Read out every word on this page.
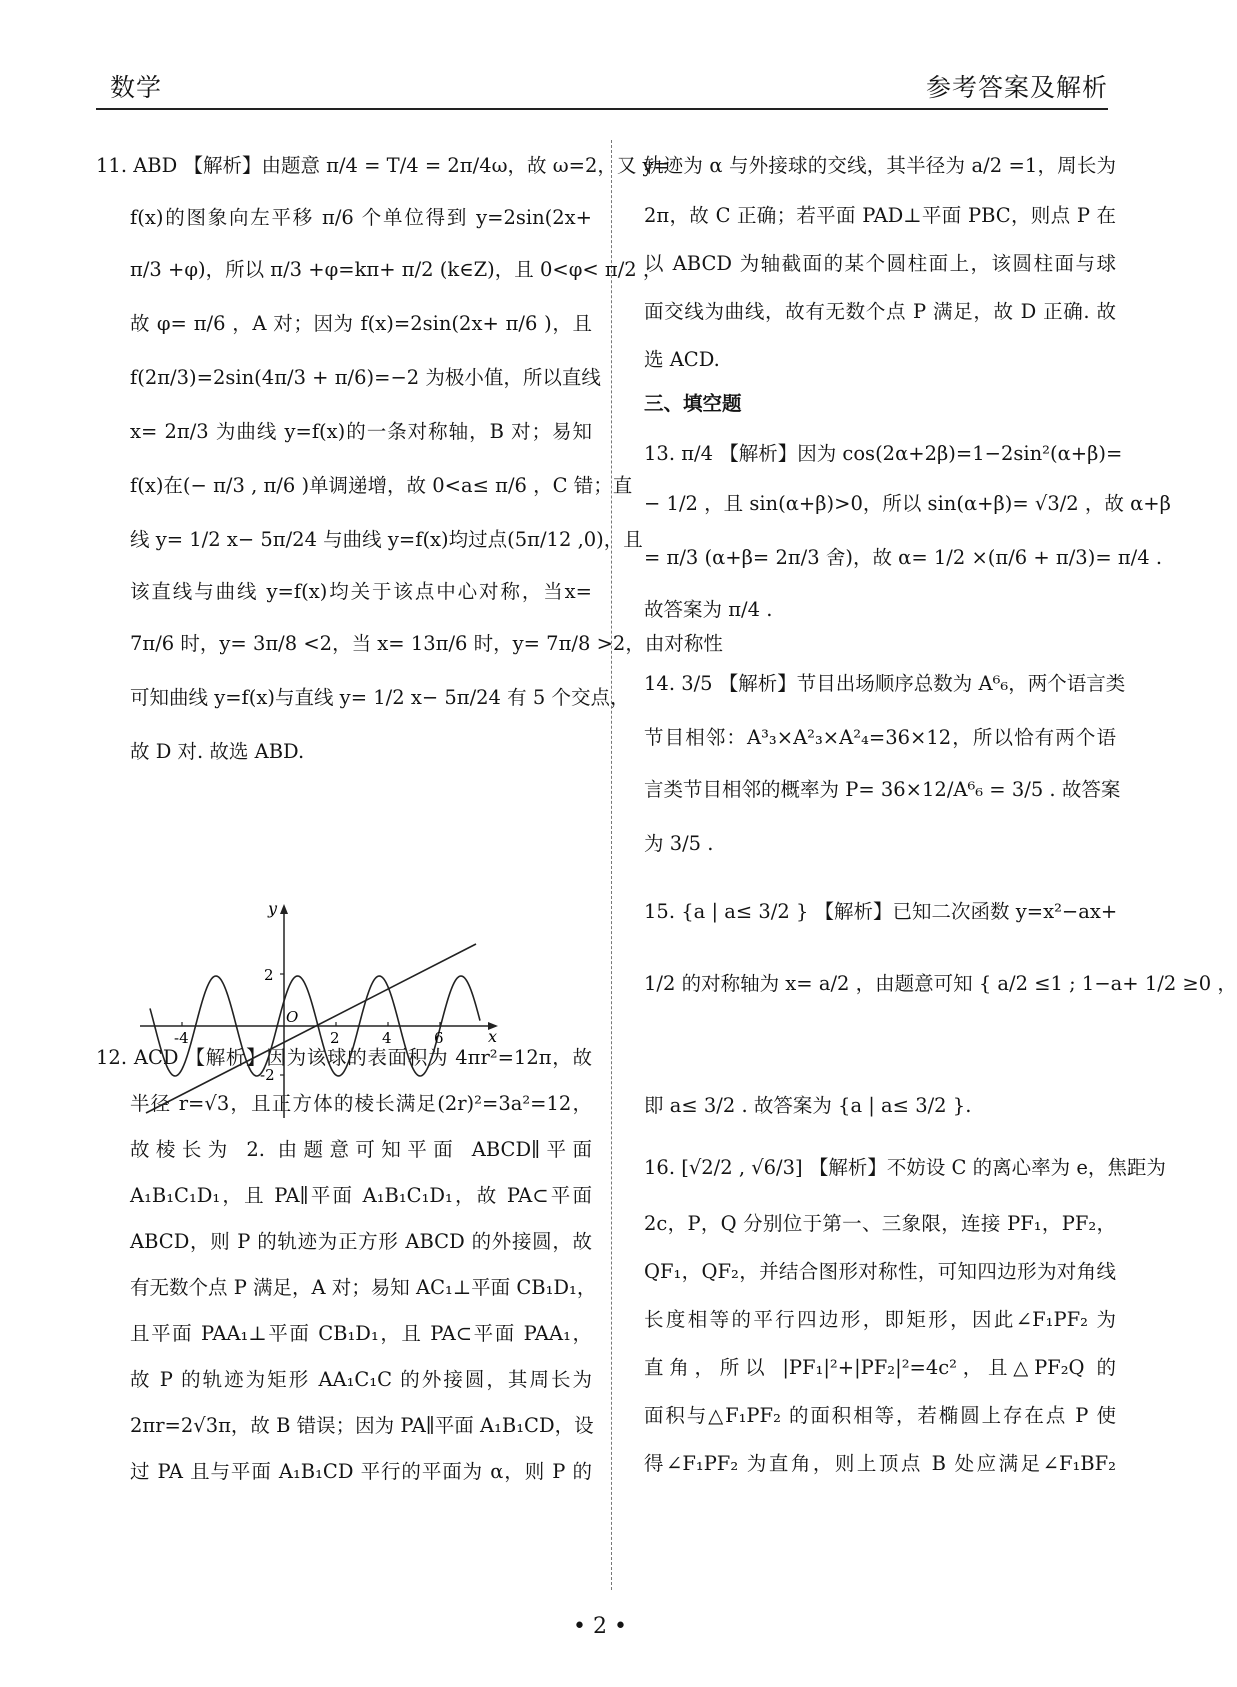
数学	参考答案及解析
11. ABD 【解析】由题意 π/4 = T/4 = 2π/4ω，故 ω=2，又 y=
f(x)的图象向左平移 π/6 个单位得到 y=2sin(2x+
π/3 +φ)，所以 π/3 +φ=kπ+ π/2 (k∈Z)，且 0<φ< π/2 ，
故 φ= π/6 ，A 对；因为 f(x)=2sin(2x+ π/6 )，且
f(2π/3)=2sin(4π/3 + π/6)=−2 为极小值，所以直线
x= 2π/3 为曲线 y=f(x)的一条对称轴，B 对；易知
f(x)在(− π/3 , π/6 )单调递增，故 0<a≤ π/6 ，C 错；直
线 y= 1/2 x− 5π/24 与曲线 y=f(x)均过点(5π/12 ,0)，且
该直线与曲线 y=f(x)均关于该点中心对称，当x=
7π/6 时，y= 3π/8 <2，当 x= 13π/6 时，y= 7π/8 >2，由对称性
可知曲线 y=f(x)与直线 y= 1/2 x− 5π/24 有 5 个交点，
故 D 对. 故选 ABD.
12. ACD 【解析】因为该球的表面积为 4πr²=12π，故
半径 r=√3，且正方体的棱长满足(2r)²=3a²=12，
故棱长为 2. 由题意可知平面 ABCD∥平面
A₁B₁C₁D₁，且 PA∥平面 A₁B₁C₁D₁，故 PA⊂平面
ABCD，则 P 的轨迹为正方形 ABCD 的外接圆，故
有无数个点 P 满足，A 对；易知 AC₁⊥平面 CB₁D₁，
且平面 PAA₁⊥平面 CB₁D₁，且 PA⊂平面 PAA₁，
故 P 的轨迹为矩形 AA₁C₁C 的外接圆，其周长为
2πr=2√3π，故 B 错误；因为 PA∥平面 A₁B₁CD，设
过 PA 且与平面 A₁B₁CD 平行的平面为 α，则 P 的
轨迹为 α 与外接球的交线，其半径为 a/2 =1，周长为
2π，故 C 正确；若平面 PAD⊥平面 PBC，则点 P 在
以 ABCD 为轴截面的某个圆柱面上，该圆柱面与球
面交线为曲线，故有无数个点 P 满足，故 D 正确. 故
选 ACD.
三、填空题
13. π/4 【解析】因为 cos(2α+2β)=1−2sin²(α+β)=
− 1/2 ，且 sin(α+β)>0，所以 sin(α+β)= √3/2 ，故 α+β
= π/3 (α+β= 2π/3 舍)，故 α= 1/2 ×(π/6 + π/3)= π/4 .
故答案为 π/4 .
14. 3/5 【解析】节目出场顺序总数为 A⁶₆，两个语言类
节目相邻：A³₃×A²₃×A²₄=36×12，所以恰有两个语
言类节目相邻的概率为 P= 36×12/A⁶₆ = 3/5 . 故答案
为 3/5 .
15. {a | a≤ 3/2 } 【解析】已知二次函数 y=x²−ax+
1/2 的对称轴为 x= a/2 ，由题意可知 { a/2 ≤1 ; 1−a+ 1/2 ≥0 ，
即 a≤ 3/2 . 故答案为 {a | a≤ 3/2 }.
16. [√2/2 , √6/3] 【解析】不妨设 C 的离心率为 e，焦距为
2c，P，Q 分别位于第一、三象限，连接 PF₁，PF₂，
QF₁，QF₂，并结合图形对称性，可知四边形为对角线
长度相等的平行四边形，即矩形，因此∠F₁PF₂ 为
直角，所以 |PF₁|²+|PF₂|²=4c²，且△PF₂Q 的
面积与△F₁PF₂ 的面积相等，若椭圆上存在点 P 使
得∠F₁PF₂ 为直角，则上顶点 B 处应满足∠F₁BF₂
y
x
O
2
-2
-4	2	4	6
• 2 •
